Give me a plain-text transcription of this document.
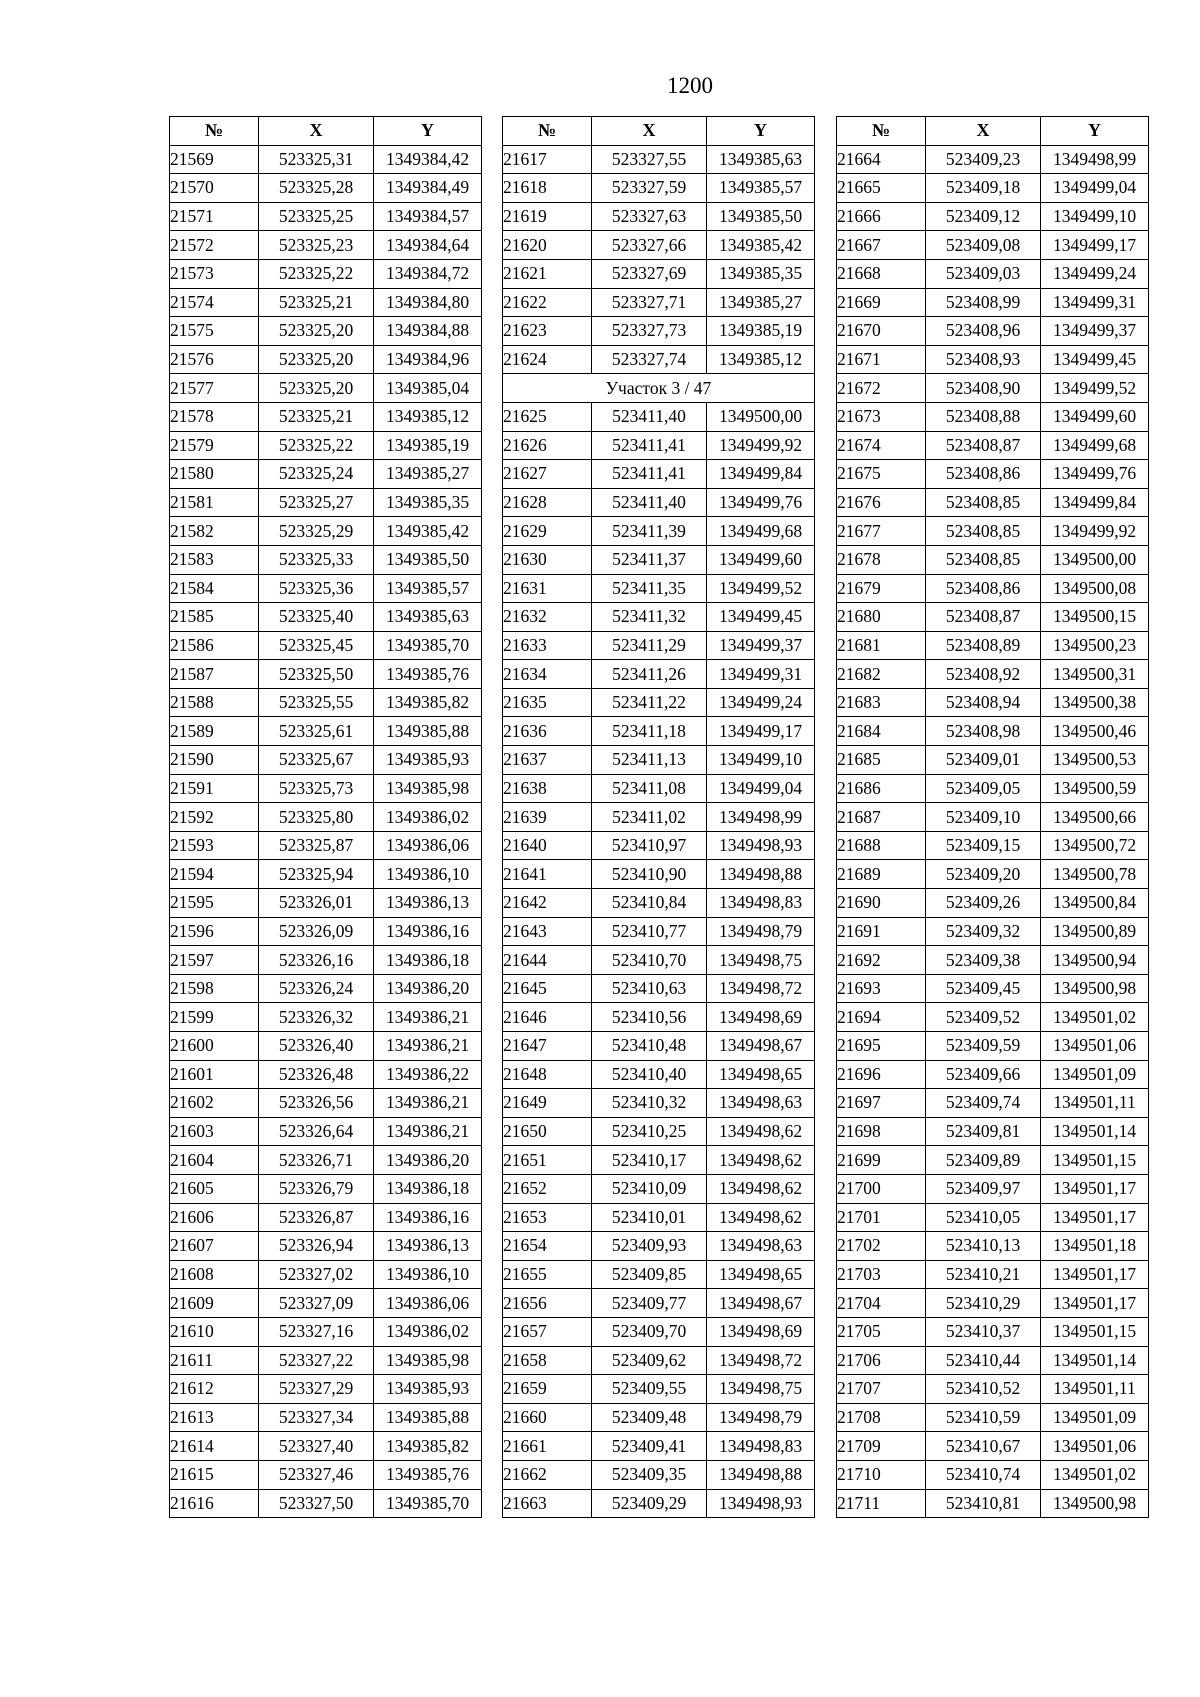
1200
№	X	Y
21569	523325,31	1349384,42
21570	523325,28	1349384,49
21571	523325,25	1349384,57
21572	523325,23	1349384,64
21573	523325,22	1349384,72
21574	523325,21	1349384,80
21575	523325,20	1349384,88
21576	523325,20	1349384,96
21577	523325,20	1349385,04
21578	523325,21	1349385,12
21579	523325,22	1349385,19
21580	523325,24	1349385,27
21581	523325,27	1349385,35
21582	523325,29	1349385,42
21583	523325,33	1349385,50
21584	523325,36	1349385,57
21585	523325,40	1349385,63
21586	523325,45	1349385,70
21587	523325,50	1349385,76
21588	523325,55	1349385,82
21589	523325,61	1349385,88
21590	523325,67	1349385,93
21591	523325,73	1349385,98
21592	523325,80	1349386,02
21593	523325,87	1349386,06
21594	523325,94	1349386,10
21595	523326,01	1349386,13
21596	523326,09	1349386,16
21597	523326,16	1349386,18
21598	523326,24	1349386,20
21599	523326,32	1349386,21
21600	523326,40	1349386,21
21601	523326,48	1349386,22
21602	523326,56	1349386,21
21603	523326,64	1349386,21
21604	523326,71	1349386,20
21605	523326,79	1349386,18
21606	523326,87	1349386,16
21607	523326,94	1349386,13
21608	523327,02	1349386,10
21609	523327,09	1349386,06
21610	523327,16	1349386,02
21611	523327,22	1349385,98
21612	523327,29	1349385,93
21613	523327,34	1349385,88
21614	523327,40	1349385,82
21615	523327,46	1349385,76
21616	523327,50	1349385,70
№	X	Y
21617	523327,55	1349385,63
21618	523327,59	1349385,57
21619	523327,63	1349385,50
21620	523327,66	1349385,42
21621	523327,69	1349385,35
21622	523327,71	1349385,27
21623	523327,73	1349385,19
21624	523327,74	1349385,12
Участок 3 / 47		
21625	523411,40	1349500,00
21626	523411,41	1349499,92
21627	523411,41	1349499,84
21628	523411,40	1349499,76
21629	523411,39	1349499,68
21630	523411,37	1349499,60
21631	523411,35	1349499,52
21632	523411,32	1349499,45
21633	523411,29	1349499,37
21634	523411,26	1349499,31
21635	523411,22	1349499,24
21636	523411,18	1349499,17
21637	523411,13	1349499,10
21638	523411,08	1349499,04
21639	523411,02	1349498,99
21640	523410,97	1349498,93
21641	523410,90	1349498,88
21642	523410,84	1349498,83
21643	523410,77	1349498,79
21644	523410,70	1349498,75
21645	523410,63	1349498,72
21646	523410,56	1349498,69
21647	523410,48	1349498,67
21648	523410,40	1349498,65
21649	523410,32	1349498,63
21650	523410,25	1349498,62
21651	523410,17	1349498,62
21652	523410,09	1349498,62
21653	523410,01	1349498,62
21654	523409,93	1349498,63
21655	523409,85	1349498,65
21656	523409,77	1349498,67
21657	523409,70	1349498,69
21658	523409,62	1349498,72
21659	523409,55	1349498,75
21660	523409,48	1349498,79
21661	523409,41	1349498,83
21662	523409,35	1349498,88
21663	523409,29	1349498,93
№	X	Y
21664	523409,23	1349498,99
21665	523409,18	1349499,04
21666	523409,12	1349499,10
21667	523409,08	1349499,17
21668	523409,03	1349499,24
21669	523408,99	1349499,31
21670	523408,96	1349499,37
21671	523408,93	1349499,45
21672	523408,90	1349499,52
21673	523408,88	1349499,60
21674	523408,87	1349499,68
21675	523408,86	1349499,76
21676	523408,85	1349499,84
21677	523408,85	1349499,92
21678	523408,85	1349500,00
21679	523408,86	1349500,08
21680	523408,87	1349500,15
21681	523408,89	1349500,23
21682	523408,92	1349500,31
21683	523408,94	1349500,38
21684	523408,98	1349500,46
21685	523409,01	1349500,53
21686	523409,05	1349500,59
21687	523409,10	1349500,66
21688	523409,15	1349500,72
21689	523409,20	1349500,78
21690	523409,26	1349500,84
21691	523409,32	1349500,89
21692	523409,38	1349500,94
21693	523409,45	1349500,98
21694	523409,52	1349501,02
21695	523409,59	1349501,06
21696	523409,66	1349501,09
21697	523409,74	1349501,11
21698	523409,81	1349501,14
21699	523409,89	1349501,15
21700	523409,97	1349501,17
21701	523410,05	1349501,17
21702	523410,13	1349501,18
21703	523410,21	1349501,17
21704	523410,29	1349501,17
21705	523410,37	1349501,15
21706	523410,44	1349501,14
21707	523410,52	1349501,11
21708	523410,59	1349501,09
21709	523410,67	1349501,06
21710	523410,74	1349501,02
21711	523410,81	1349500,98
